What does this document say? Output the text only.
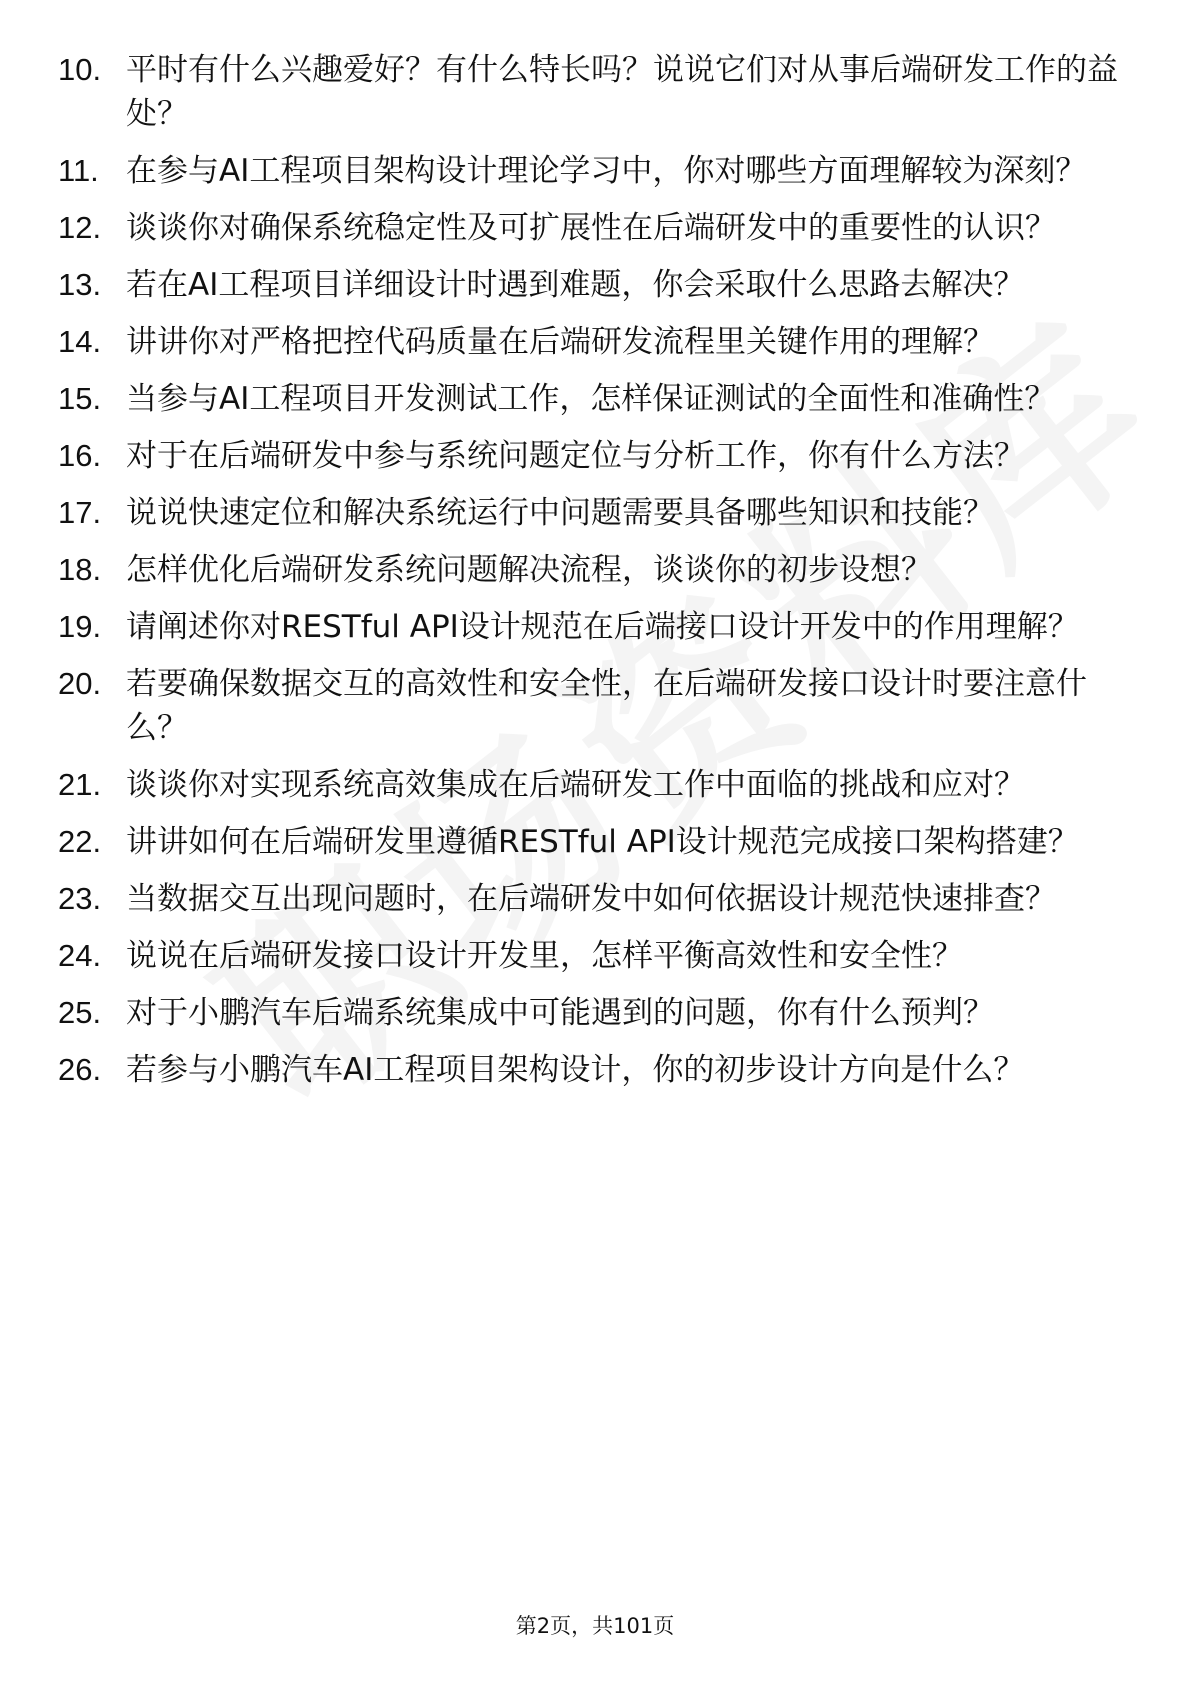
10. 平时有什么兴趣爱好？有什么特长吗？说说它们对从事后端研发工作的益处？
11. 在参与AI工程项目架构设计理论学习中，你对哪些方面理解较为深刻？
12. 谈谈你对确保系统稳定性及可扩展性在后端研发中的重要性的认识？
13. 若在AI工程项目详细设计时遇到难题，你会采取什么思路去解决？
14. 讲讲你对严格把控代码质量在后端研发流程里关键作用的理解？
15. 当参与AI工程项目开发测试工作，怎样保证测试的全面性和准确性？
16. 对于在后端研发中参与系统问题定位与分析工作，你有什么方法？
17. 说说快速定位和解决系统运行中问题需要具备哪些知识和技能？
18. 怎样优化后端研发系统问题解决流程，谈谈你的初步设想？
19. 请阐述你对RESTful API设计规范在后端接口设计开发中的作用理解？
20. 若要确保数据交互的高效性和安全性，在后端研发接口设计时要注意什么？
21. 谈谈你对实现系统高效集成在后端研发工作中面临的挑战和应对？
22. 讲讲如何在后端研发里遵循RESTful API设计规范完成接口架构搭建？
23. 当数据交互出现问题时，在后端研发中如何依据设计规范快速排查？
24. 说说在后端研发接口设计开发里，怎样平衡高效性和安全性？
25. 对于小鹏汽车后端系统集成中可能遇到的问题，你有什么预判？
26. 若参与小鹏汽车AI工程项目架构设计，你的初步设计方向是什么？
第2页，共101页
